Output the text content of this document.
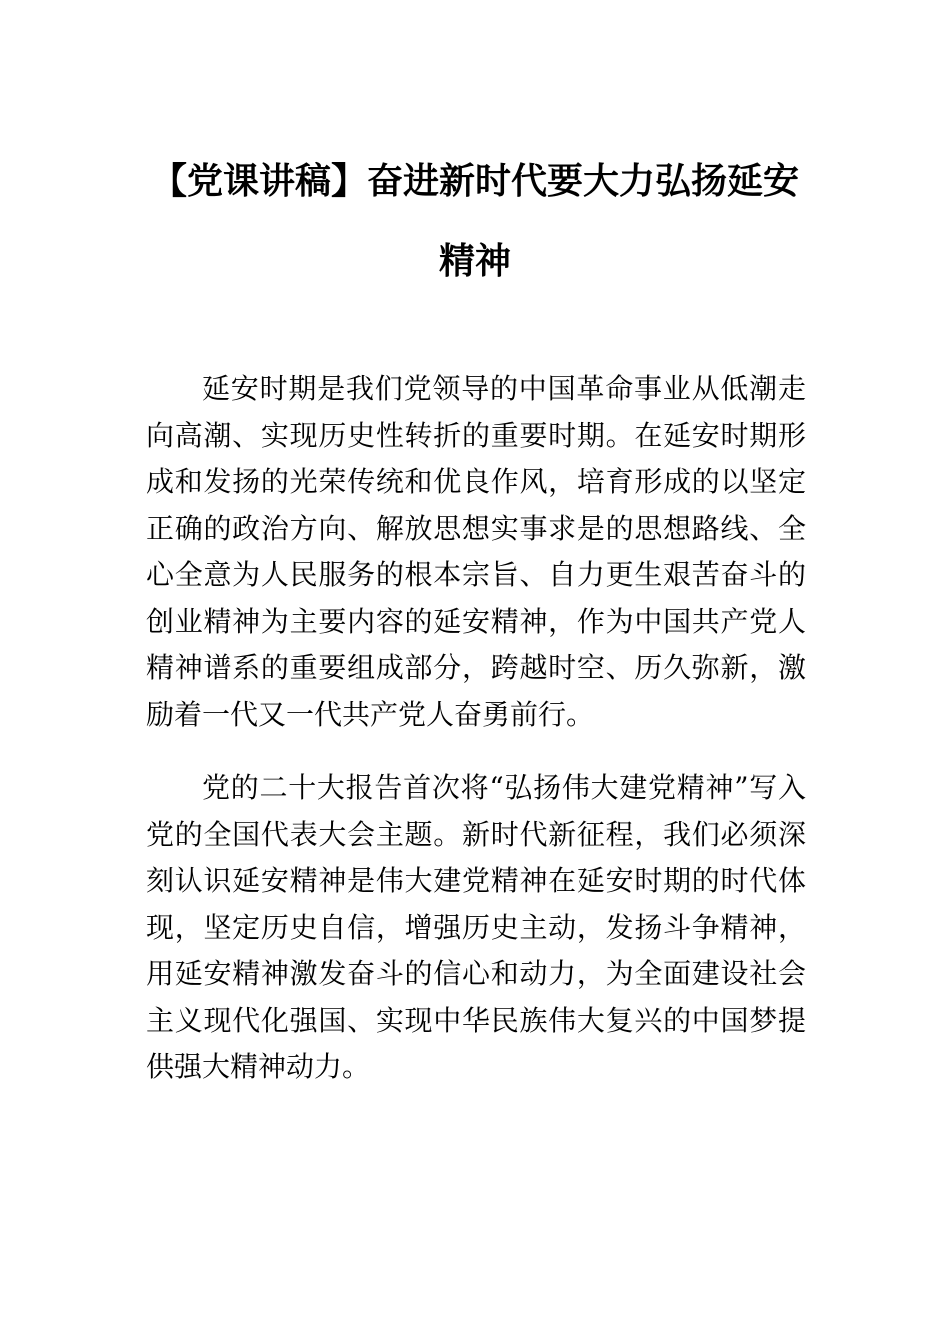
【党课讲稿】奋进新时代要大力弘扬延安精神

延安时期是我们党领导的中国革命事业从低潮走向高潮、实现历史性转折的重要时期。在延安时期形成和发扬的光荣传统和优良作风，培育形成的以坚定正确的政治方向、解放思想实事求是的思想路线、全心全意为人民服务的根本宗旨、自力更生艰苦奋斗的创业精神为主要内容的延安精神，作为中国共产党人精神谱系的重要组成部分，跨越时空、历久弥新，激励着一代又一代共产党人奋勇前行。

党的二十大报告首次将“弘扬伟大建党精神”写入党的全国代表大会主题。新时代新征程，我们必须深刻认识延安精神是伟大建党精神在延安时期的时代体现，坚定历史自信，增强历史主动，发扬斗争精神，用延安精神激发奋斗的信心和动力，为全面建设社会主义现代化强国、实现中华民族伟大复兴的中国梦提供强大精神动力。
